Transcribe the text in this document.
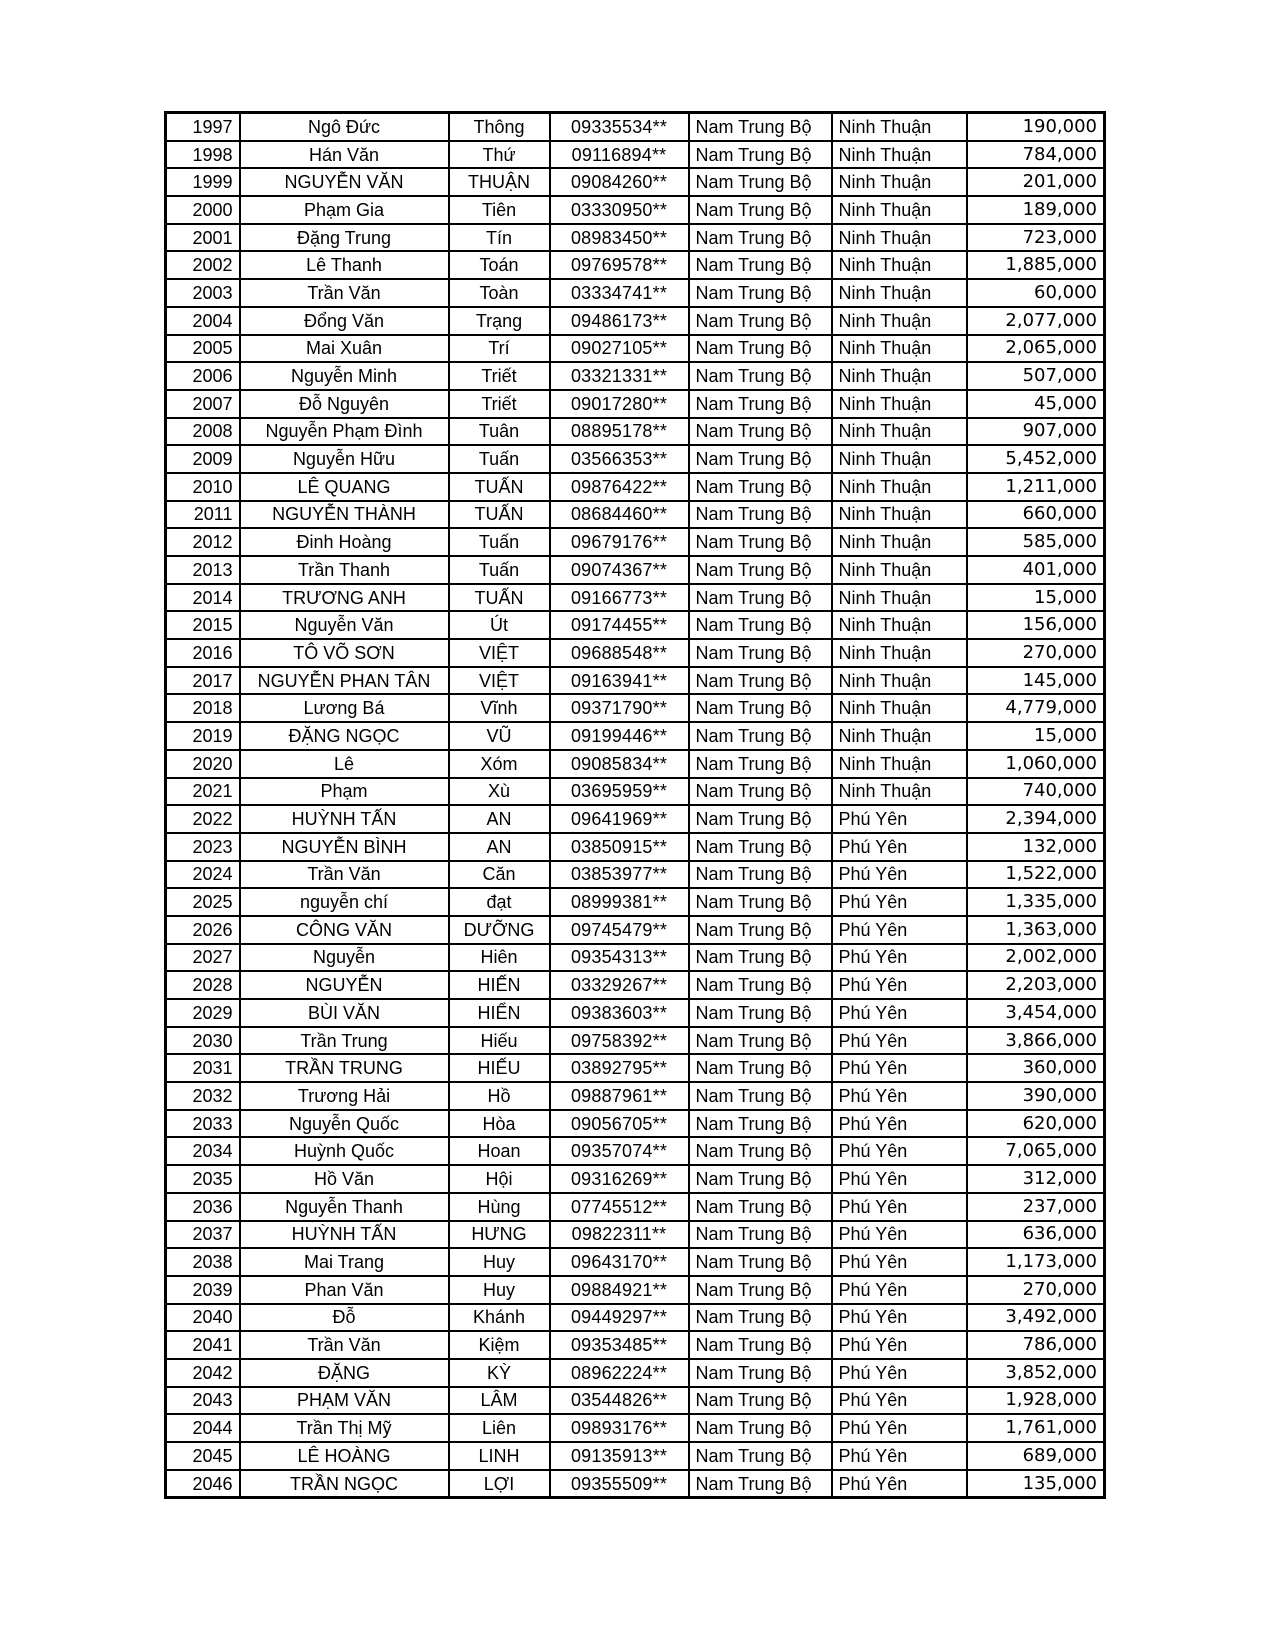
1997	Ngô Đức	Thông	09335534**	Nam Trung Bộ	Ninh Thuận	190,000
1998	Hán Văn	Thứ	09116894**	Nam Trung Bộ	Ninh Thuận	784,000
1999	NGUYỄN VĂN	THUẬN	09084260**	Nam Trung Bộ	Ninh Thuận	201,000
2000	Phạm Gia	Tiên	03330950**	Nam Trung Bộ	Ninh Thuận	189,000
2001	Đặng Trung	Tín	08983450**	Nam Trung Bộ	Ninh Thuận	723,000
2002	Lê Thanh	Toán	09769578**	Nam Trung Bộ	Ninh Thuận	1,885,000
2003	Trần Văn	Toàn	03334741**	Nam Trung Bộ	Ninh Thuận	60,000
2004	Đổng Văn	Trạng	09486173**	Nam Trung Bộ	Ninh Thuận	2,077,000
2005	Mai Xuân	Trí	09027105**	Nam Trung Bộ	Ninh Thuận	2,065,000
2006	Nguyễn Minh	Triết	03321331**	Nam Trung Bộ	Ninh Thuận	507,000
2007	Đỗ Nguyên	Triết	09017280**	Nam Trung Bộ	Ninh Thuận	45,000
2008	Nguyễn Phạm Đình	Tuân	08895178**	Nam Trung Bộ	Ninh Thuận	907,000
2009	Nguyễn Hữu	Tuấn	03566353**	Nam Trung Bộ	Ninh Thuận	5,452,000
2010	LÊ QUANG	TUẤN	09876422**	Nam Trung Bộ	Ninh Thuận	1,211,000
2011	NGUYỄN THÀNH	TUẤN	08684460**	Nam Trung Bộ	Ninh Thuận	660,000
2012	Đinh Hoàng	Tuấn	09679176**	Nam Trung Bộ	Ninh Thuận	585,000
2013	Trần Thanh	Tuấn	09074367**	Nam Trung Bộ	Ninh Thuận	401,000
2014	TRƯƠNG ANH	TUẤN	09166773**	Nam Trung Bộ	Ninh Thuận	15,000
2015	Nguyễn Văn	Út	09174455**	Nam Trung Bộ	Ninh Thuận	156,000
2016	TÔ VÕ SƠN	VIỆT	09688548**	Nam Trung Bộ	Ninh Thuận	270,000
2017	NGUYỄN PHAN TÂN	VIỆT	09163941**	Nam Trung Bộ	Ninh Thuận	145,000
2018	Lương Bá	Vĩnh	09371790**	Nam Trung Bộ	Ninh Thuận	4,779,000
2019	ĐẶNG NGỌC	VŨ	09199446**	Nam Trung Bộ	Ninh Thuận	15,000
2020	Lê	Xóm	09085834**	Nam Trung Bộ	Ninh Thuận	1,060,000
2021	Phạm	Xù	03695959**	Nam Trung Bộ	Ninh Thuận	740,000
2022	HUỲNH TẤN	AN	09641969**	Nam Trung Bộ	Phú Yên	2,394,000
2023	NGUYỄN BÌNH	AN	03850915**	Nam Trung Bộ	Phú Yên	132,000
2024	Trần Văn	Căn	03853977**	Nam Trung Bộ	Phú Yên	1,522,000
2025	nguyễn chí	đạt	08999381**	Nam Trung Bộ	Phú Yên	1,335,000
2026	CÔNG VĂN	DƯỠNG	09745479**	Nam Trung Bộ	Phú Yên	1,363,000
2027	Nguyễn	Hiên	09354313**	Nam Trung Bộ	Phú Yên	2,002,000
2028	NGUYỄN	HIẾN	03329267**	Nam Trung Bộ	Phú Yên	2,203,000
2029	BÙI VĂN	HIỂN	09383603**	Nam Trung Bộ	Phú Yên	3,454,000
2030	Trần Trung	Hiếu	09758392**	Nam Trung Bộ	Phú Yên	3,866,000
2031	TRẦN TRUNG	HIẾU	03892795**	Nam Trung Bộ	Phú Yên	360,000
2032	Trương Hải	Hồ	09887961**	Nam Trung Bộ	Phú Yên	390,000
2033	Nguyễn Quốc	Hòa	09056705**	Nam Trung Bộ	Phú Yên	620,000
2034	Huỳnh Quốc	Hoan	09357074**	Nam Trung Bộ	Phú Yên	7,065,000
2035	Hồ Văn	Hội	09316269**	Nam Trung Bộ	Phú Yên	312,000
2036	Nguyễn Thanh	Hùng	07745512**	Nam Trung Bộ	Phú Yên	237,000
2037	HUỲNH TẤN	HƯNG	09822311**	Nam Trung Bộ	Phú Yên	636,000
2038	Mai Trang	Huy	09643170**	Nam Trung Bộ	Phú Yên	1,173,000
2039	Phan Văn	Huy	09884921**	Nam Trung Bộ	Phú Yên	270,000
2040	Đỗ	Khánh	09449297**	Nam Trung Bộ	Phú Yên	3,492,000
2041	Trần Văn	Kiệm	09353485**	Nam Trung Bộ	Phú Yên	786,000
2042	ĐẶNG	KỲ	08962224**	Nam Trung Bộ	Phú Yên	3,852,000
2043	PHẠM VĂN	LÂM	03544826**	Nam Trung Bộ	Phú Yên	1,928,000
2044	Trần Thị Mỹ	Liên	09893176**	Nam Trung Bộ	Phú Yên	1,761,000
2045	LÊ HOÀNG	LINH	09135913**	Nam Trung Bộ	Phú Yên	689,000
2046	TRẦN NGỌC	LỢI	09355509**	Nam Trung Bộ	Phú Yên	135,000
